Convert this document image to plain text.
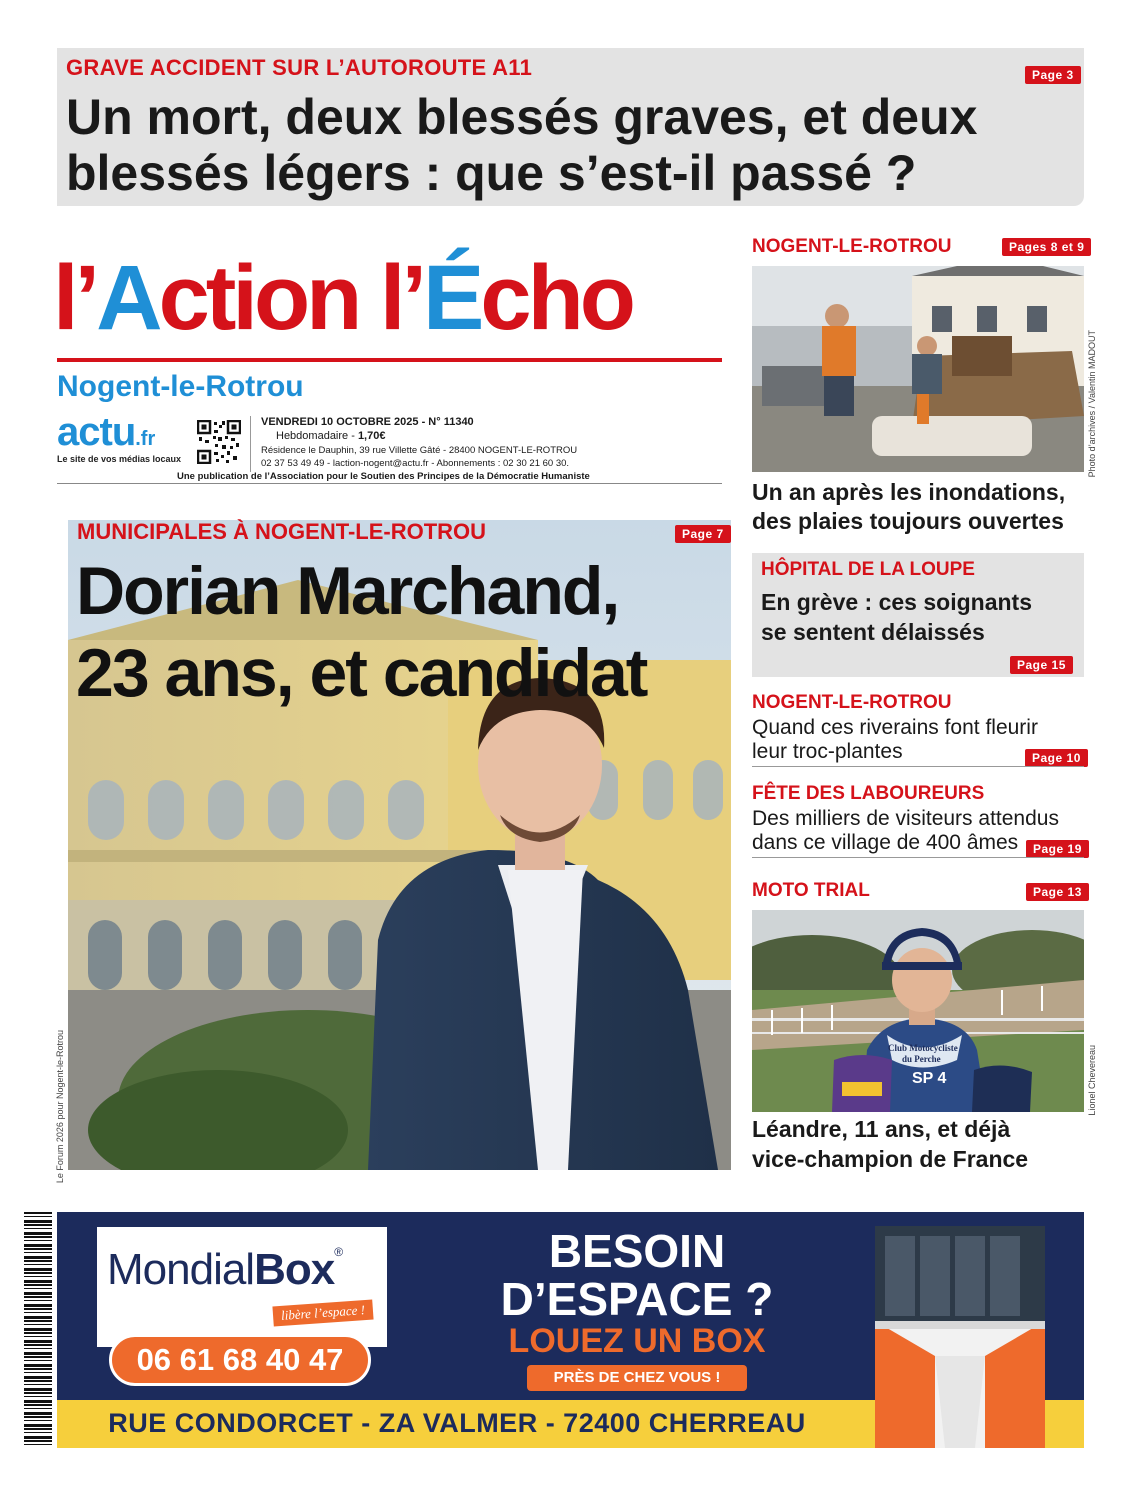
GRAVE ACCIDENT SUR L’AUTOROUTE A11	Page 3
Un mort, deux blessés graves, et deux
blessés légers : que s’est-il passé ?
l’Action l’Écho
Nogent-le-Rotrou
actu.fr
Le site de vos médias locaux
VENDREDI 10 OCTOBRE 2025 - N° 11340
Hebdomadaire - 1,70€
Résidence le Dauphin, 39 rue Villette Gâté - 28400 NOGENT-LE-ROTROU
02 37 53 49 49 - laction-nogent@actu.fr - Abonnements : 02 30 21 60 30.
Une publication de l’Association pour le Soutien des Principes de la Démocratie Humaniste
MUNICIPALES À NOGENT-LE-ROTROU	Page 7
Dorian Marchand,
23 ans, et candidat
Le Forum 2026 pour Nogent-le-Rotrou
NOGENT-LE-ROTROU	Pages 8 et 9
Photo d’archives / Valentin MADOUT
Un an après les inondations,
des plaies toujours ouvertes
HÔPITAL DE LA LOUPE
En grève : ces soignants
se sentent délaissés
Page 15
NOGENT-LE-ROTROU
Quand ces riverains font fleurir
leur troc-plantes	Page 10
FÊTE DES LABOUREURS
Des milliers de visiteurs attendus
dans ce village de 400 âmes	Page 19
MOTO TRIAL	Page 13
Club Motocycliste
du Perche
SP 4	Lionel Chevereau
Léandre, 11 ans, et déjà
vice-champion de France
RUE CONDORCET - ZA VALMER - 72400 CHERREAU
MondialBox®
libère l’espace !
06 61 68 40 47
BESOIN
D’ESPACE ?
LOUEZ UN BOX
PRÈS DE CHEZ VOUS !
